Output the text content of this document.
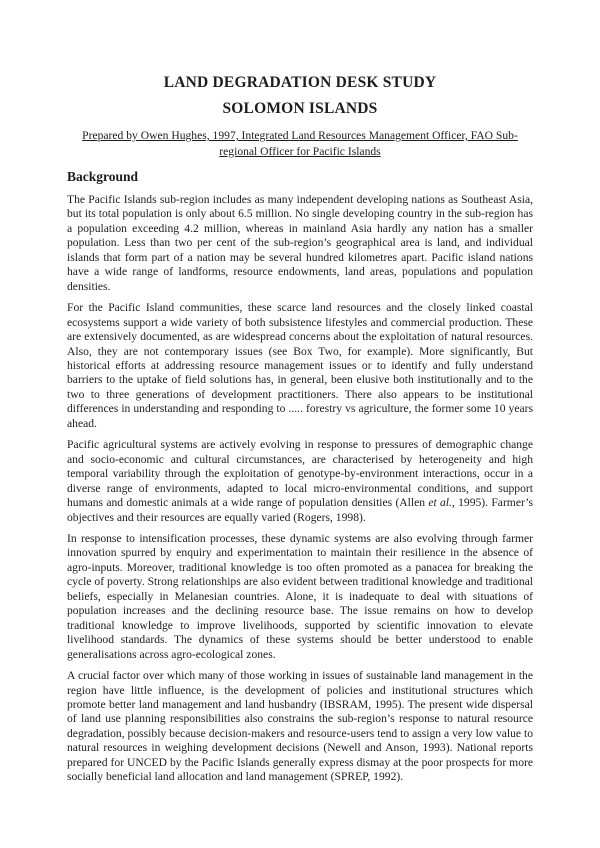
LAND DEGRADATION DESK STUDY
SOLOMON ISLANDS

Prepared by Owen Hughes, 1997, Integrated Land Resources Management Officer, FAO Sub-regional Officer for Pacific Islands

Background

The Pacific Islands sub-region includes as many independent developing nations as Southeast Asia, but its total population is only about 6.5 million. No single developing country in the sub-region has a population exceeding 4.2 million, whereas in mainland Asia hardly any nation has a smaller population. Less than two per cent of the sub-region’s geographical area is land, and individual islands that form part of a nation may be several hundred kilometres apart. Pacific island nations have a wide range of landforms, resource endowments, land areas, populations and population densities.

For the Pacific Island communities, these scarce land resources and the closely linked coastal ecosystems support a wide variety of both subsistence lifestyles and commercial production. These are extensively documented, as are widespread concerns about the exploitation of natural resources. Also, they are not contemporary issues (see Box Two, for example). More significantly, But historical efforts at addressing resource management issues or to identify and fully understand barriers to the uptake of field solutions has, in general, been elusive both institutionally and to the two to three generations of development practitioners. There also appears to be institutional differences in understanding and responding to ..... forestry vs agriculture, the former some 10 years ahead.

Pacific agricultural systems are actively evolving in response to pressures of demographic change and socio-economic and cultural circumstances, are characterised by heterogeneity and high temporal variability through the exploitation of genotype-by-environment interactions, occur in a diverse range of environments, adapted to local micro-environmental conditions, and support humans and domestic animals at a wide range of population densities (Allen et al., 1995). Farmer’s objectives and their resources are equally varied (Rogers, 1998).

In response to intensification processes, these dynamic systems are also evolving through farmer innovation spurred by enquiry and experimentation to maintain their resilience in the absence of agro-inputs. Moreover, traditional knowledge is too often promoted as a panacea for breaking the cycle of poverty. Strong relationships are also evident between traditional knowledge and traditional beliefs, especially in Melanesian countries. Alone, it is inadequate to deal with situations of population increases and the declining resource base. The issue remains on how to develop traditional knowledge to improve livelihoods, supported by scientific innovation to elevate livelihood standards. The dynamics of these systems should be better understood to enable generalisations across agro-ecological zones.

A crucial factor over which many of those working in issues of sustainable land management in the region have little influence, is the development of policies and institutional structures which promote better land management and land husbandry (IBSRAM, 1995). The present wide dispersal of land use planning responsibilities also constrains the sub-region’s response to natural resource degradation, possibly because decision-makers and resource-users tend to assign a very low value to natural resources in weighing development decisions (Newell and Anson, 1993). National reports prepared for UNCED by the Pacific Islands generally express dismay at the poor prospects for more socially beneficial land allocation and land management (SPREP, 1992).
